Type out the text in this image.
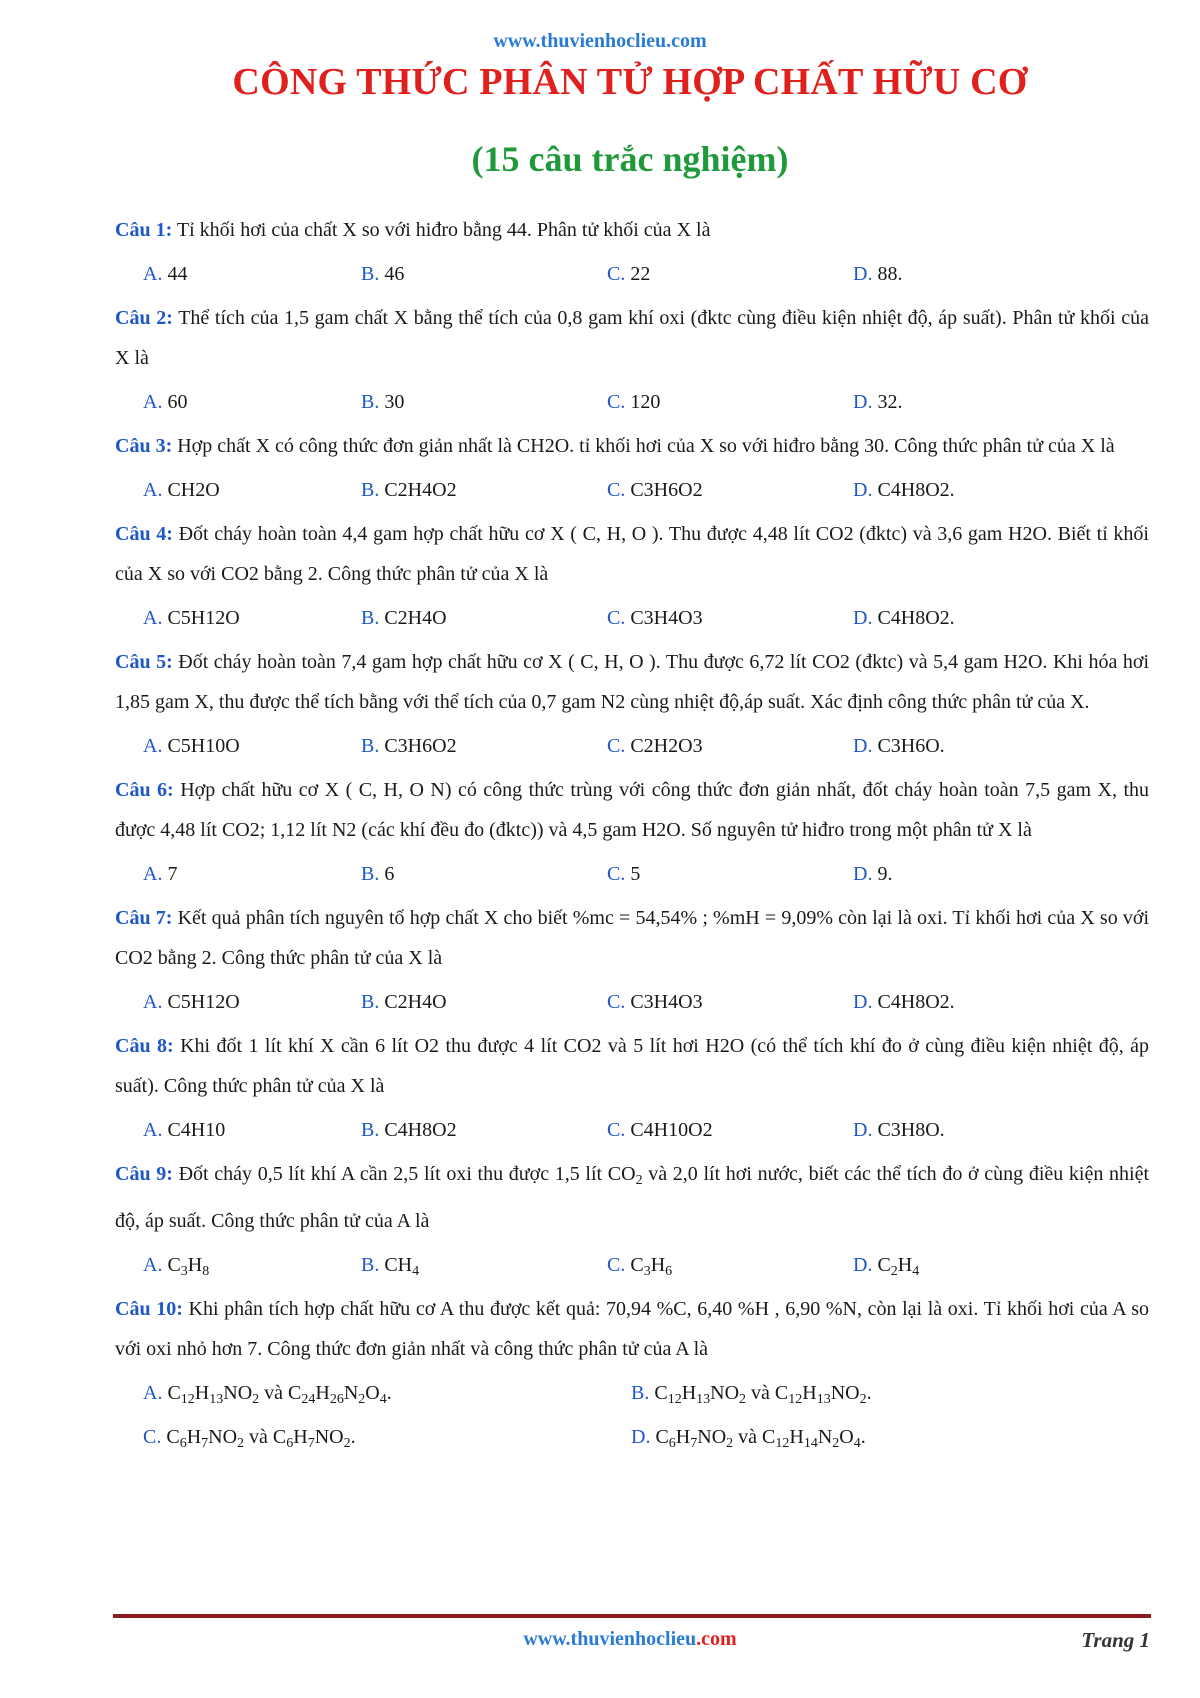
www.thuvienhoclieu.com
CÔNG THỨC PHÂN TỬ HỢP CHẤT HỮU CƠ
(15 câu trắc nghiệm)
Câu 1: Tỉ khối hơi của chất X so với hiđro bằng 44. Phân tử khối của X là
A. 44	B. 46	C. 22	D. 88.
Câu 2: Thể tích của 1,5 gam chất X bằng thể tích của 0,8 gam khí oxi (đktc cùng điều kiện nhiệt độ, áp suất). Phân tử khối của X là
A. 60	B. 30	C. 120	D. 32.
Câu 3: Hợp chất X có công thức đơn giản nhất là CH2O. tỉ khối hơi của X so với hiđro bằng 30. Công thức phân tử của X là
A. CH2O	B. C2H4O2	C. C3H6O2	D. C4H8O2.
Câu 4: Đốt cháy hoàn toàn 4,4 gam hợp chất hữu cơ X ( C, H, O ). Thu được 4,48 lít CO2 (đktc) và 3,6 gam H2O. Biết tỉ khối của X so với CO2 bằng 2. Công thức phân tử của X là
A. C5H12O	B. C2H4O	C. C3H4O3	D. C4H8O2.
Câu 5: Đốt cháy hoàn toàn 7,4 gam hợp chất hữu cơ X ( C, H, O ). Thu được 6,72 lít CO2 (đktc) và 5,4 gam H2O. Khi hóa hơi 1,85 gam X, thu được thể tích bằng với thể tích của 0,7 gam N2 cùng nhiệt độ,áp suất. Xác định công thức phân tử của X.
A. C5H10O	B. C3H6O2	C. C2H2O3	D. C3H6O.
Câu 6: Hợp chất hữu cơ X ( C, H, O N) có công thức trùng với công thức đơn giản nhất, đốt cháy hoàn toàn 7,5 gam X, thu được 4,48 lít CO2; 1,12 lít N2 (các khí đều đo (đktc)) và 4,5 gam H2O. Số nguyên tử hiđro trong một phân tử X là
A. 7	B. 6	C. 5	D. 9.
Câu 7: Kết quả phân tích nguyên tố hợp chất X cho biết %mc = 54,54% ; %mH = 9,09% còn lại là oxi. Tỉ khối hơi của X so với CO2 bằng 2. Công thức phân tử của X là
A. C5H12O	B. C2H4O	C. C3H4O3	D. C4H8O2.
Câu 8: Khi đốt 1 lít khí X cần 6 lít O2 thu được 4 lít CO2 và 5 lít hơi H2O (có thể tích khí đo ở cùng điều kiện nhiệt độ, áp suất). Công thức phân tử của X là
A. C4H10	B. C4H8O2	C. C4H10O2	D. C3H8O.
Câu 9: Đốt cháy 0,5 lít khí A cần 2,5 lít oxi thu được 1,5 lít $CO_2$ và 2,0 lít hơi nước, biết các thể tích đo ở cùng điều kiện nhiệt độ, áp suất. Công thức phân tử của A là
A. $C_3H_8$	B. $CH_4$	C. $C_3H_6$	D. $C_2H_4$
Câu 10: Khi phân tích hợp chất hữu cơ A thu được kết quả: 70,94 %C, 6,40 %H , 6,90 %N, còn lại là oxi. Tỉ khối hơi của A so với oxi nhỏ hơn 7. Công thức đơn giản nhất và công thức phân tử của A là
A. $C_{12}H_{13}NO_2$ và $C_{24}H_{26}N_2O_4$.	B. $C_{12}H_{13}NO_2$ và $C_{12}H_{13}NO_2$.
C. $C_6H_7NO_2$ và $C_6H_7NO_2$.	D. $C_6H_7NO_2$ và $C_{12}H_{14}N_2O_4$.
www.thuvienhoclieu.com	Trang 1
